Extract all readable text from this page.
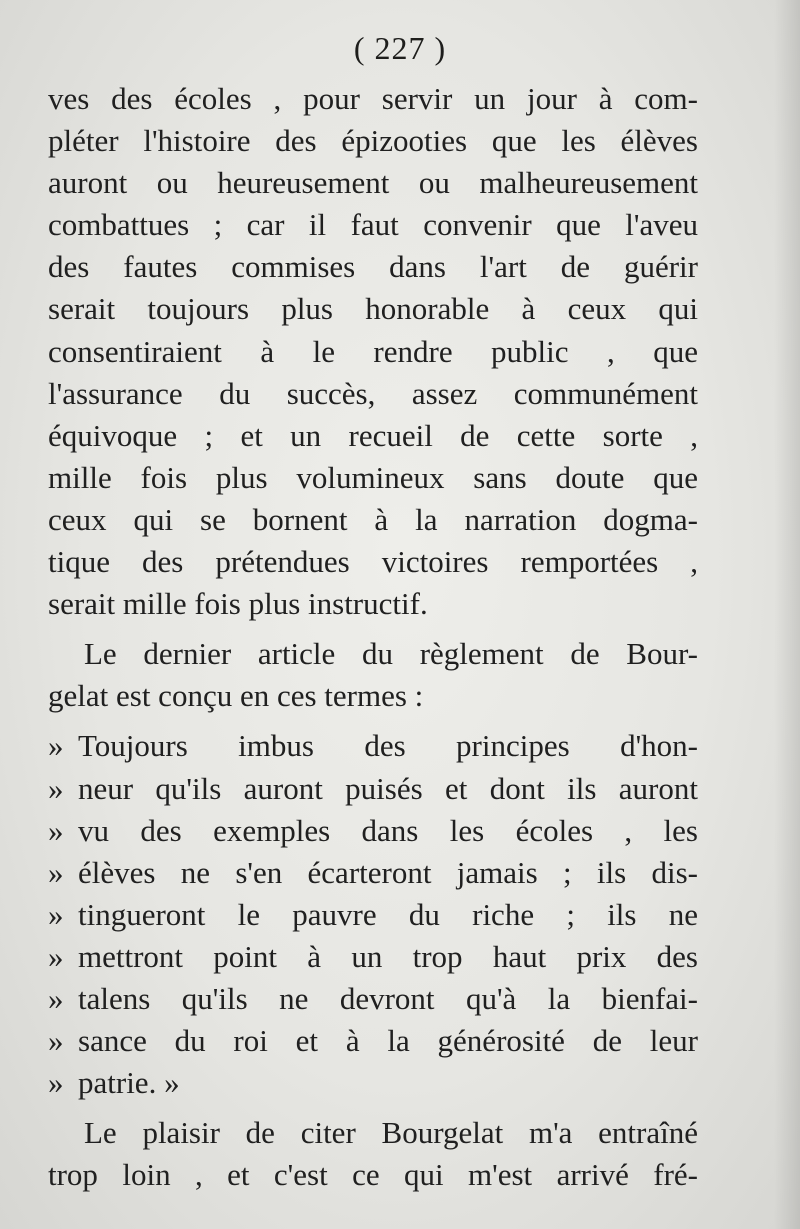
( 227 )
ves des écoles , pour servir un jour à com-
pléter l'histoire des épizooties que les élèves
auront ou heureusement ou malheureusement
combattues ; car il faut convenir que l'aveu
des fautes commises dans l'art de guérir
serait toujours plus honorable à ceux qui
consentiraient à le rendre public , que
l'assurance du succès, assez communément
équivoque ; et un recueil de cette sorte ,
mille fois plus volumineux sans doute que
ceux qui se bornent à la narration dogma-
tique des prétendues victoires remportées ,
serait mille fois plus instructif.
Le dernier article du règlement de Bour-
gelat est conçu en ces termes :
» Toujours imbus des principes d'hon-
» neur qu'ils auront puisés et dont ils auront
» vu des exemples dans les écoles , les
» élèves ne s'en écarteront jamais ; ils dis-
» tingueront le pauvre du riche ; ils ne
» mettront point à un trop haut prix des
» talens qu'ils ne devront qu'à la bienfai-
» sance du roi et à la générosité de leur
» patrie. »
Le plaisir de citer Bourgelat m'a entraîné
trop loin , et c'est ce qui m'est arrivé fré-
